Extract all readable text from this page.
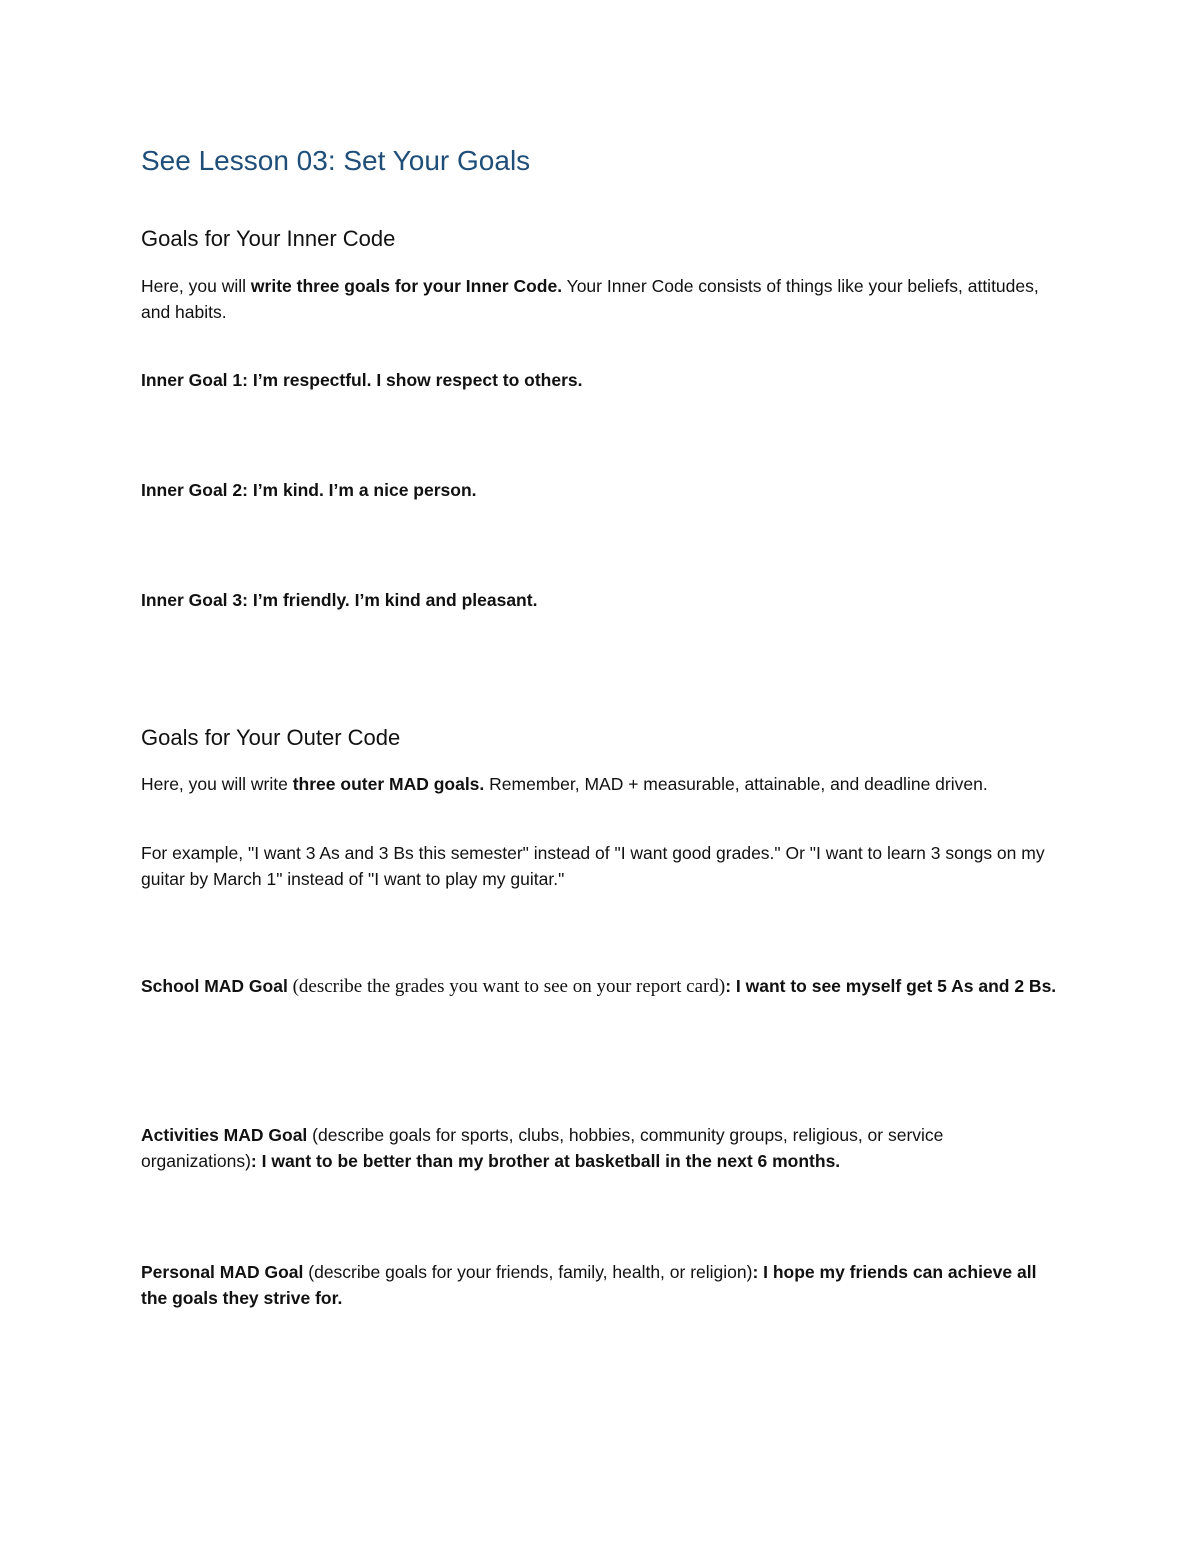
See Lesson 03: Set Your Goals
Goals for Your Inner Code

Here, you will write three goals for your Inner Code. Your Inner Code consists of things like your beliefs, attitudes, and habits.

Inner Goal 1: I’m respectful. I show respect to others.

Inner Goal 2: I’m kind. I’m a nice person.

Inner Goal 3: I’m friendly. I’m kind and pleasant.

Goals for Your Outer Code

Here, you will write three outer MAD goals. Remember, MAD + measurable, attainable, and deadline driven.

For example, "I want 3 As and 3 Bs this semester" instead of "I want good grades." Or "I want to learn 3 songs on my guitar by March 1" instead of "I want to play my guitar."

School MAD Goal (describe the grades you want to see on your report card): I want to see myself get 5 As and 2 Bs.

Activities MAD Goal (describe goals for sports, clubs, hobbies, community groups, religious, or service organizations): I want to be better than my brother at basketball in the next 6 months.

Personal MAD Goal (describe goals for your friends, family, health, or religion): I hope my friends can achieve all the goals they strive for.
